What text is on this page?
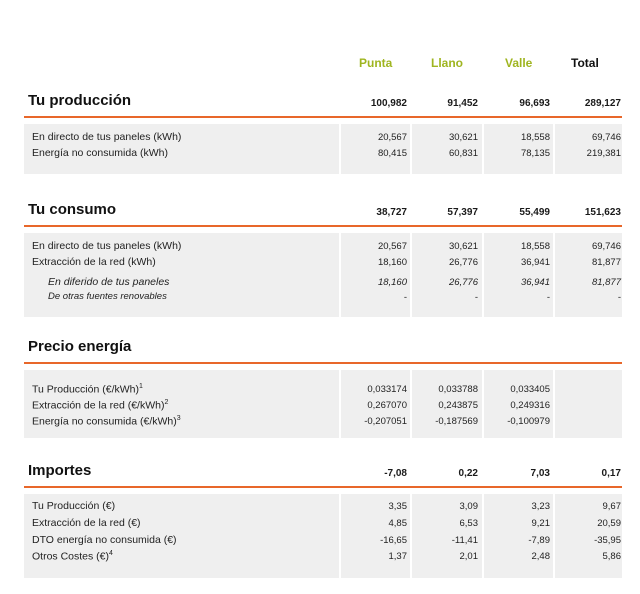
Punta	Llano	Valle	Total
Tu producción	100,982	91,452	96,693	289,127
En directo de tus paneles (kWh)	20,567	30,621	18,558	69,746
Energía no consumida (kWh)	80,415	60,831	78,135	219,381
Tu consumo	38,727	57,397	55,499	151,623
En directo de tus paneles (kWh)	20,567	30,621	18,558	69,746
Extracción de la red (kWh)	18,160	26,776	36,941	81,877
En diferido de tus paneles	18,160	26,776	36,941	81,877
De otras fuentes renovables	-	-	-	-
Precio energía
Tu Producción (€/kWh)$^1$	0,033174	0,033788	0,033405
Extracción de la red (€/kWh)$^2$	0,267070	0,243875	0,249316
Energía no consumida (€/kWh)$^3$	-0,207051	-0,187569	-0,100979
Importes	-7,08	0,22	7,03	0,17
Tu Producción (€)	3,35	3,09	3,23	9,67
Extracción de la red (€)	4,85	6,53	9,21	20,59
DTO energía no consumida (€)	-16,65	-11,41	-7,89	-35,95
Otros Costes (€)$^4$	1,37	2,01	2,48	5,86
